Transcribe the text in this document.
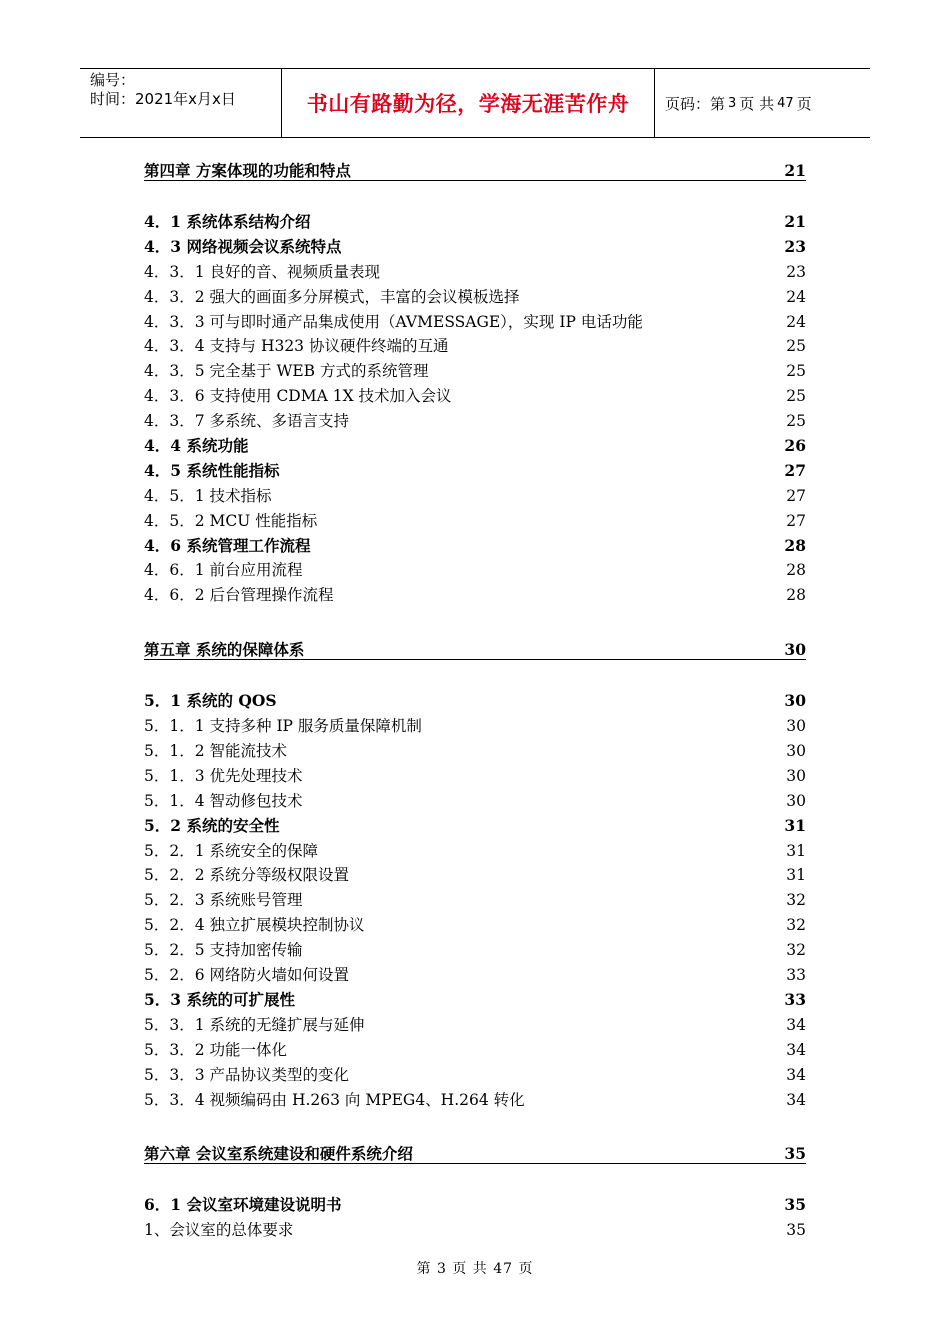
编号：
时间：2021年x月x日	书山有路勤为径，学海无涯苦作舟	页码：第 3 页 共 47 页
第四章 方案体现的功能和特点	21
4．1 系统体系结构介绍	21
4．3 网络视频会议系统特点	23
4．3．1 良好的音、视频质量表现	23
4．3．2 强大的画面多分屏模式，丰富的会议模板选择	24
4．3．3 可与即时通产品集成使用（AVMESSAGE），实现 IP 电话功能	24
4．3．4 支持与 H323 协议硬件终端的互通	25
4．3．5 完全基于 WEB 方式的系统管理	25
4．3．6 支持使用 CDMA 1X 技术加入会议	25
4．3．7 多系统、多语言支持	25
4．4 系统功能	26
4．5 系统性能指标	27
4．5．1 技术指标	27
4．5．2 MCU 性能指标	27
4．6 系统管理工作流程	28
4．6．1 前台应用流程	28
4．6．2 后台管理操作流程	28
第五章 系统的保障体系	30
5．1 系统的 QOS	30
5．1．1 支持多种 IP 服务质量保障机制	30
5．1．2 智能流技术	30
5．1．3 优先处理技术	30
5．1．4 智动修包技术	30
5．2 系统的安全性	31
5．2．1 系统安全的保障	31
5．2．2 系统分等级权限设置	31
5．2．3 系统账号管理	32
5．2．4 独立扩展模块控制协议	32
5．2．5 支持加密传输	32
5．2．6 网络防火墙如何设置	33
5．3 系统的可扩展性	33
5．3．1 系统的无缝扩展与延伸	34
5．3．2 功能一体化	34
5．3．3 产品协议类型的变化	34
5．3．4 视频编码由 H.263 向 MPEG4、H.264 转化	34
第六章 会议室系统建设和硬件系统介绍	35
6．1 会议室环境建设说明书	35
1、会议室的总体要求	35
第 3 页 共 47 页
